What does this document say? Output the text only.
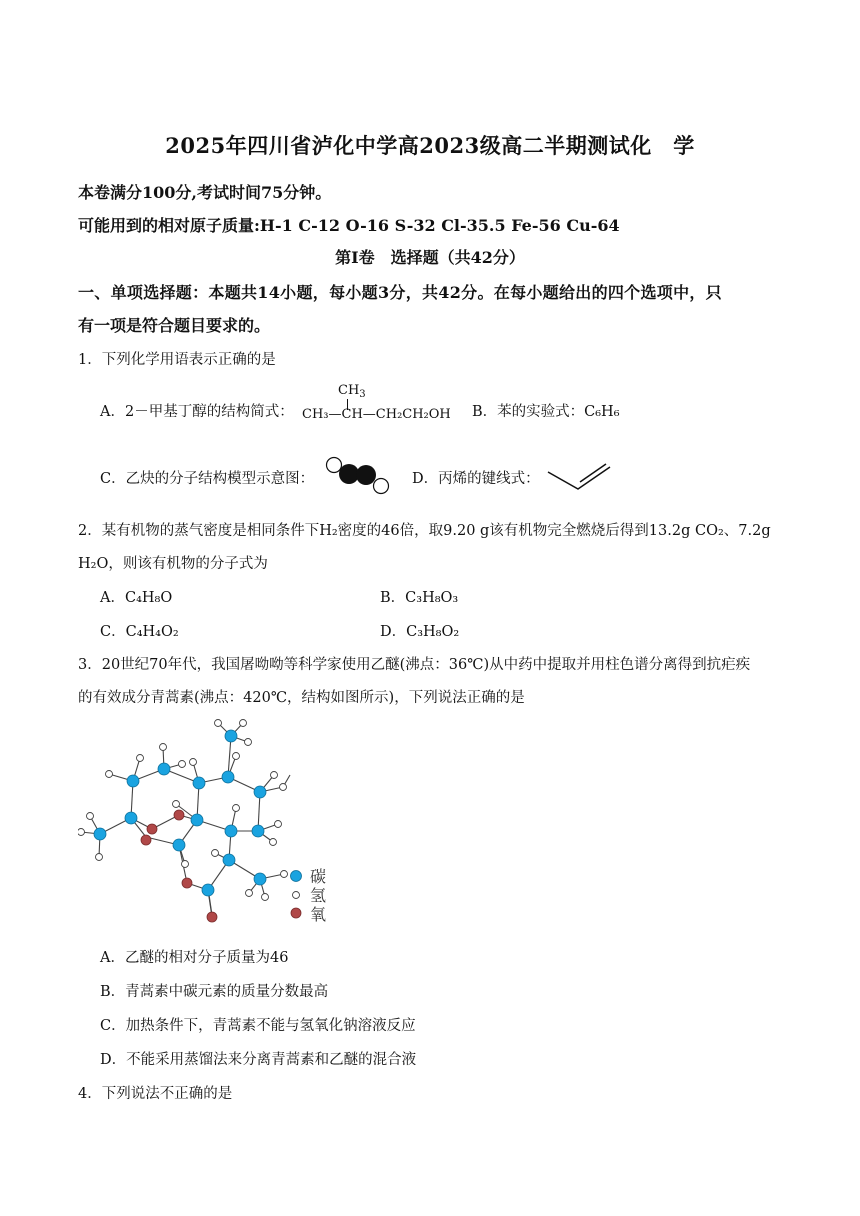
2025年四川省泸化中学高2023级高二半期测试化　学
本卷满分100分,考试时间75分钟。
可能用到的相对原子质量:H-1 C-12 O-16 S-32 Cl-35.5 Fe-56 Cu-64
第Ⅰ卷　选择题（共42分）
一、单项选择题：本题共14小题，每小题3分，共42分。在每小题给出的四个选项中，只
有一项是符合题目要求的。
1．下列化学用语表示正确的是
A．2－甲基丁醇的结构简式：
$CH_3$
CH₃—CH—CH₂CH₂OH B．苯的实验式：C₆H₆
C．乙炔的分子结构模型示意图：	D．丙烯的键线式：
2．某有机物的蒸气密度是相同条件下H₂密度的46倍，取9.20 g该有机物完全燃烧后得到13.2g CO₂、7.2g
H₂O，则该有机物的分子式为
A．C₄H₈O	B．C₃H₈O₃
C．C₄H₄O₂	D．C₃H₈O₂
3．20世纪70年代，我国屠呦呦等科学家使用乙醚(沸点：36℃)从中药中提取并用柱色谱分离得到抗疟疾
的有效成分青蒿素(沸点：420℃，结构如图所示)，下列说法正确的是
碳
氢
氧
A．乙醚的相对分子质量为46
B．青蒿素中碳元素的质量分数最高
C．加热条件下，青蒿素不能与氢氧化钠溶液反应
D．不能采用蒸馏法来分离青蒿素和乙醚的混合液
4．下列说法不正确的是
